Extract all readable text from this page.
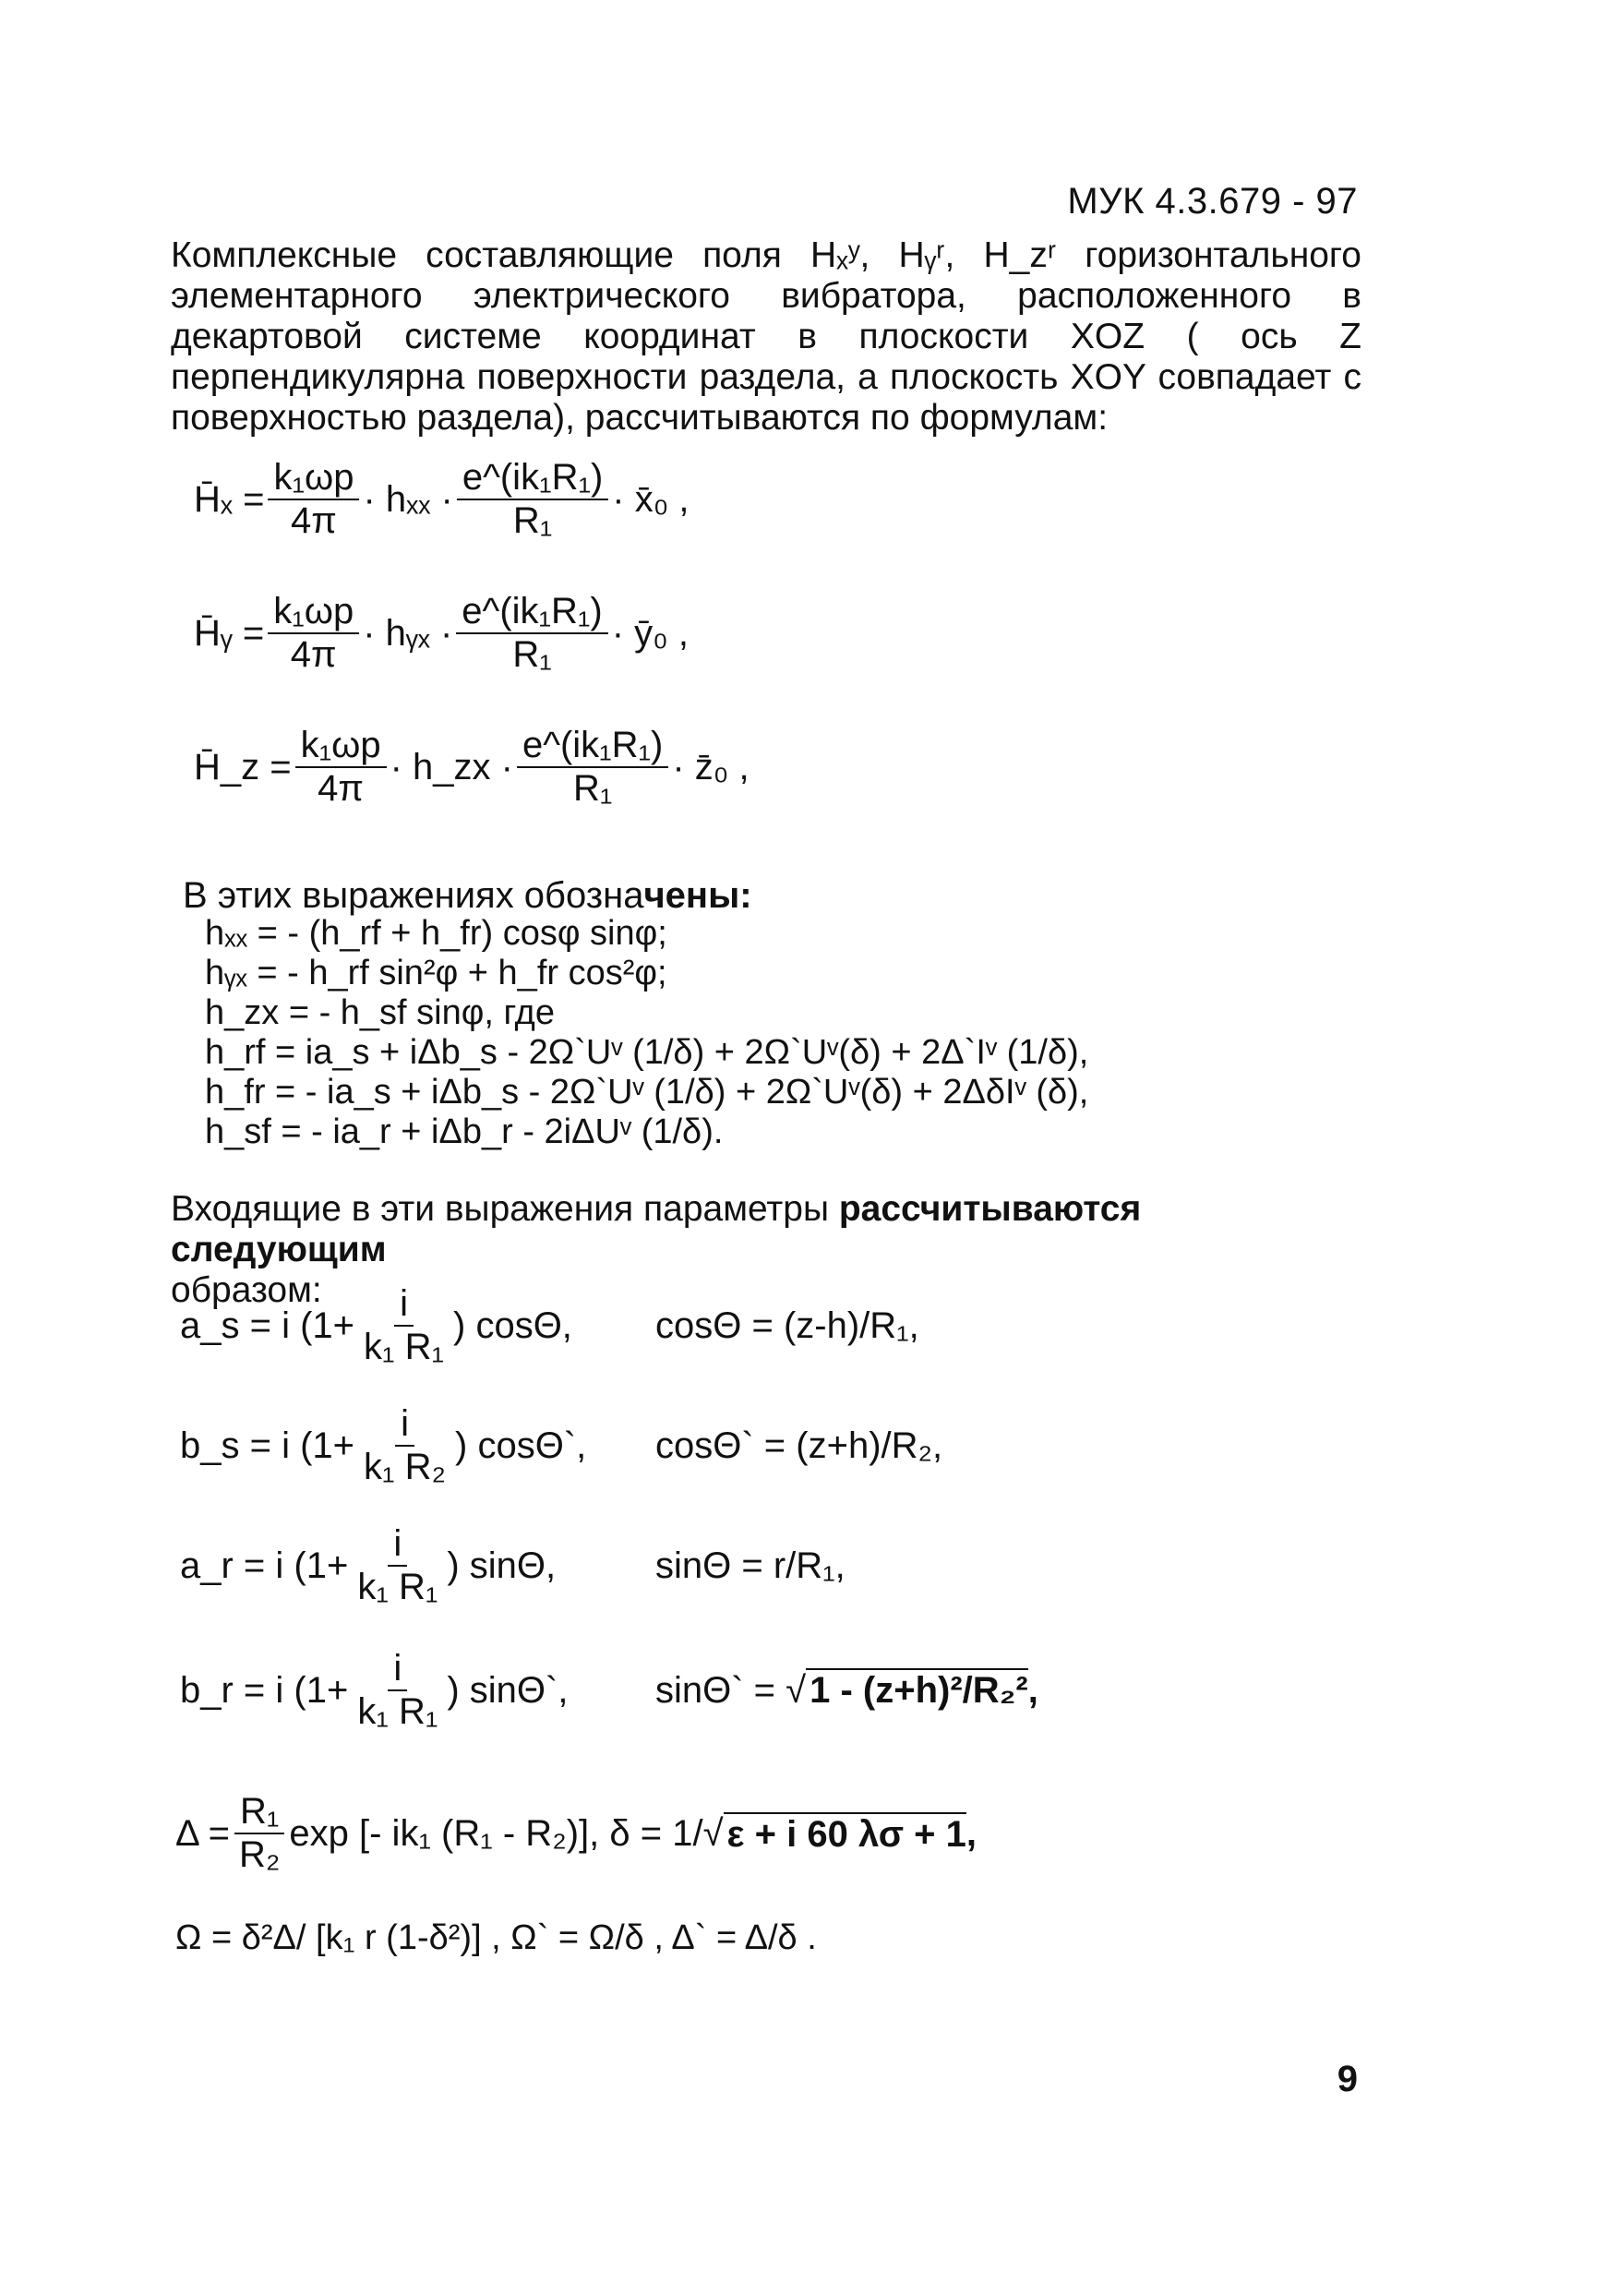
МУК 4.3.679 - 97

Комплексные составляющие поля Hₓʸ, Hᵧʳ, H_zʳ горизонтального элементарного электрического вибратора, расположенного в декартовой системе координат в плоскости XOZ ( ось Z перпендикулярна поверхности раздела, а плоскость XOY совпадает с поверхностью раздела), рассчитываются по формулам:

H̄ₓ = $\frac{\text{k₁ωp}}{4\pi} \cdot h_{xx} \cdot \frac{\text{e\textasciicircum{}(ik₁R₁)}}{\text{R₁}}$ · x̄₀ ,
H̄ᵧ = $\frac{\text{k₁ωp}}{4\pi}$ · hᵧₓ · $\frac{\text{e\textasciicircum{}(ik₁R₁)}}{\text{R₁}}$ · ȳ₀ ,
H̄_z = $\frac{\text{k₁ωp}}{4\pi}$ · h_zx · $\frac{\text{e\textasciicircum{}(ik₁R₁)}}{\text{R₁}}$ · z̄₀ ,
В этих выражениях обозначены:
hₓₓ = - (h_rf + h_fr) cosφ sinφ;
hᵧₓ = - h_rf sin²φ + h_fr cos²φ;
h_zx = - h_sf sinφ, где
h_rf = ia_s + iΔb_s - 2Ω`Uᵛ (1/δ) + 2Ω`Uᵛ(δ) + 2Δ`Iᵛ (1/δ),
h_fr = - ia_s + iΔb_s - 2Ω`Uᵛ (1/δ) + 2Ω`Uᵛ(δ) + 2ΔδIᵛ (δ),
h_sf = - ia_r + iΔb_r - 2iΔUᵛ (1/δ).
Входящие в эти выражения параметры рассчитываются следующим
образом:
a_s = i ($1+ \frac{i}{\text{k₁ R₁}}$ ) cosΘ, cosΘ = (z-h)/R₁,
b_s = i ($1+ \frac{i}{\text{k₁ R₂}}$ ) cosΘ`, cosΘ` = (z+h)/R₂,
a_r = i ($1+ \frac{i}{\text{k₁ R₁}}$ ) sinΘ,	sinΘ = r/R₁,
b_r = i ($1+ \frac{i}{\text{k₁ R₁}}$ ) sinΘ`, sinΘ` = √ 1 - (z+h)²/R₂²,
$\Delta = \frac{\text{R₁}}{\text{R₂}}$ exp [- ik₁ (R₁ - R₂)], δ = 1/√ ε + i 60 λσ + 1 ,
Ω = δ²Δ/ [k₁ r (1-δ²)] , Ω` = Ω/δ , Δ` = Δ/δ .
9
